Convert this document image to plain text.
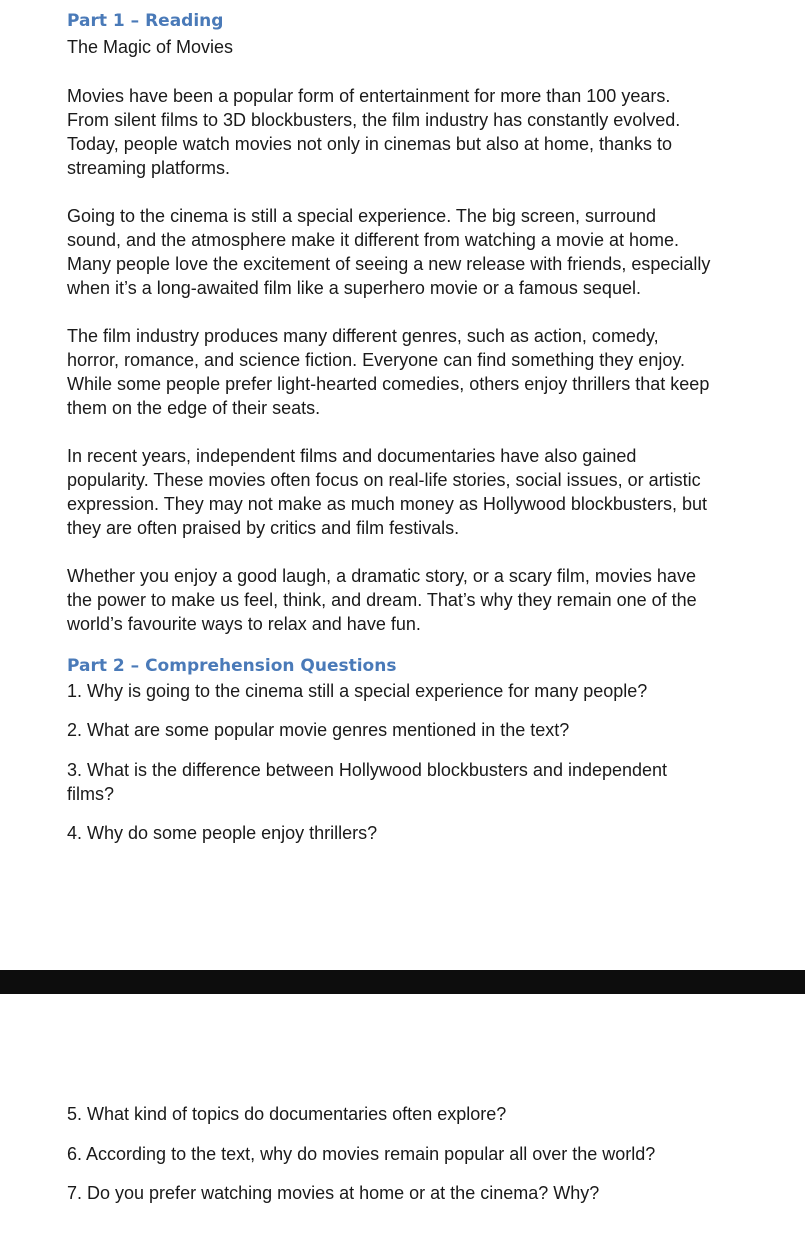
Part 1 – Reading

The Magic of Movies

Movies have been a popular form of entertainment for more than 100 years.
From silent films to 3D blockbusters, the film industry has constantly evolved.
Today, people watch movies not only in cinemas but also at home, thanks to
streaming platforms.

Going to the cinema is still a special experience. The big screen, surround
sound, and the atmosphere make it different from watching a movie at home.
Many people love the excitement of seeing a new release with friends, especially
when it’s a long-awaited film like a superhero movie or a famous sequel.

The film industry produces many different genres, such as action, comedy,
horror, romance, and science fiction. Everyone can find something they enjoy.
While some people prefer light-hearted comedies, others enjoy thrillers that keep
them on the edge of their seats.

In recent years, independent films and documentaries have also gained
popularity. These movies often focus on real-life stories, social issues, or artistic
expression. They may not make as much money as Hollywood blockbusters, but
they are often praised by critics and film festivals.

Whether you enjoy a good laugh, a dramatic story, or a scary film, movies have
the power to make us feel, think, and dream. That’s why they remain one of the
world’s favourite ways to relax and have fun.

Part 2 – Comprehension Questions

1. Why is going to the cinema still a special experience for many people?

2. What are some popular movie genres mentioned in the text?

3. What is the difference between Hollywood blockbusters and independent
films?

4. Why do some people enjoy thrillers?

5. What kind of topics do documentaries often explore?

6. According to the text, why do movies remain popular all over the world?

7. Do you prefer watching movies at home or at the cinema? Why?
